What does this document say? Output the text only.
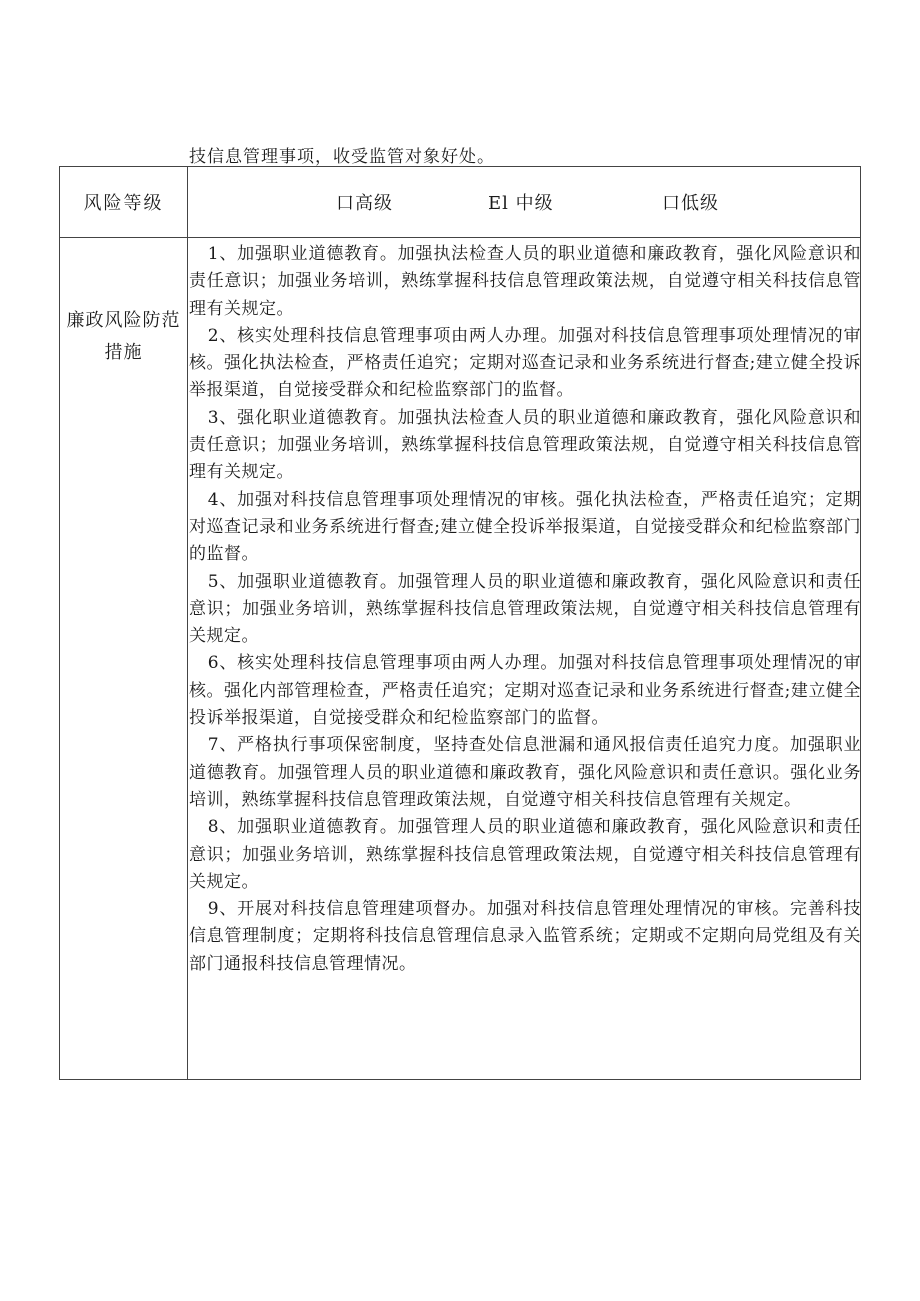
技信息管理事项，收受监管对象好处。
风险等级	口高级	El 中级	口低级
廉政风险防范措施

1、加强职业道德教育。加强执法检查人员的职业道德和廉政教育，强化风险意识和责任意识；加强业务培训，熟练掌握科技信息管理政策法规，自觉遵守相关科技信息管理有关规定。

2、核实处理科技信息管理事项由两人办理。加强对科技信息管理事项处理情况的审核。强化执法检查，严格责任追究；定期对巡查记录和业务系统进行督查;建立健全投诉举报渠道，自觉接受群众和纪检监察部门的监督。

3、强化职业道德教育。加强执法检查人员的职业道德和廉政教育，强化风险意识和责任意识；加强业务培训，熟练掌握科技信息管理政策法规，自觉遵守相关科技信息管理有关规定。

4、加强对科技信息管理事项处理情况的审核。强化执法检查，严格责任追究；定期对巡查记录和业务系统进行督查;建立健全投诉举报渠道，自觉接受群众和纪检监察部门的监督。

5、加强职业道德教育。加强管理人员的职业道德和廉政教育，强化风险意识和责任意识；加强业务培训，熟练掌握科技信息管理政策法规，自觉遵守相关科技信息管理有关规定。

6、核实处理科技信息管理事项由两人办理。加强对科技信息管理事项处理情况的审核。强化内部管理检查，严格责任追究；定期对巡查记录和业务系统进行督查;建立健全投诉举报渠道，自觉接受群众和纪检监察部门的监督。

7、严格执行事项保密制度，坚持查处信息泄漏和通风报信责任追究力度。加强职业道德教育。加强管理人员的职业道德和廉政教育，强化风险意识和责任意识。强化业务培训，熟练掌握科技信息管理政策法规，自觉遵守相关科技信息管理有关规定。

8、加强职业道德教育。加强管理人员的职业道德和廉政教育，强化风险意识和责任意识；加强业务培训，熟练掌握科技信息管理政策法规，自觉遵守相关科技信息管理有关规定。

9、开展对科技信息管理建项督办。加强对科技信息管理处理情况的审核。完善科技信息管理制度；定期将科技信息管理信息录入监管系统；定期或不定期向局党组及有关部门通报科技信息管理情况。
